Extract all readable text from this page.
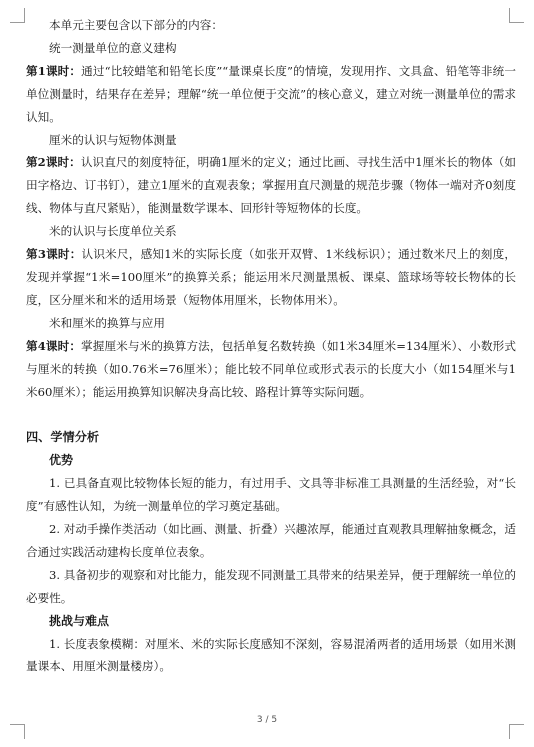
本单元主要包含以下部分的内容：

统一测量单位的意义建构

第1课时：通过“比较蜡笔和铅笔长度”“量课桌长度”的情境，发现用拃、文具盒、铅笔等非统一单位测量时，结果存在差异；理解“统一单位便于交流”的核心意义，建立对统一测量单位的需求认知。

厘米的认识与短物体测量

第2课时：认识直尺的刻度特征，明确1厘米的定义；通过比画、寻找生活中1厘米长的物体（如田字格边、订书钉），建立1厘米的直观表象；掌握用直尺测量的规范步骤（物体一端对齐0刻度线、物体与直尺紧贴），能测量数学课本、回形针等短物体的长度。

米的认识与长度单位关系

第3课时：认识米尺，感知1米的实际长度（如张开双臂、1米线标识）；通过数米尺上的刻度，发现并掌握“1米=100厘米”的换算关系；能运用米尺测量黑板、课桌、篮球场等较长物体的长度，区分厘米和米的适用场景（短物体用厘米，长物体用米）。

米和厘米的换算与应用

第4课时：掌握厘米与米的换算方法，包括单复名数转换（如1米34厘米=134厘米）、小数形式与厘米的转换（如0.76米=76厘米）；能比较不同单位或形式表示的长度大小（如154厘米与1米60厘米）；能运用换算知识解决身高比较、路程计算等实际问题。

四、学情分析

优势

1. 已具备直观比较物体长短的能力，有过用手、文具等非标准工具测量的生活经验，对“长度”有感性认知，为统一测量单位的学习奠定基础。

2. 对动手操作类活动（如比画、测量、折叠）兴趣浓厚，能通过直观教具理解抽象概念，适合通过实践活动建构长度单位表象。

3. 具备初步的观察和对比能力，能发现不同测量工具带来的结果差异，便于理解统一单位的必要性。

挑战与难点

1. 长度表象模糊：对厘米、米的实际长度感知不深刻，容易混淆两者的适用场景（如用米测量课本、用厘米测量楼房）。

3 / 5
